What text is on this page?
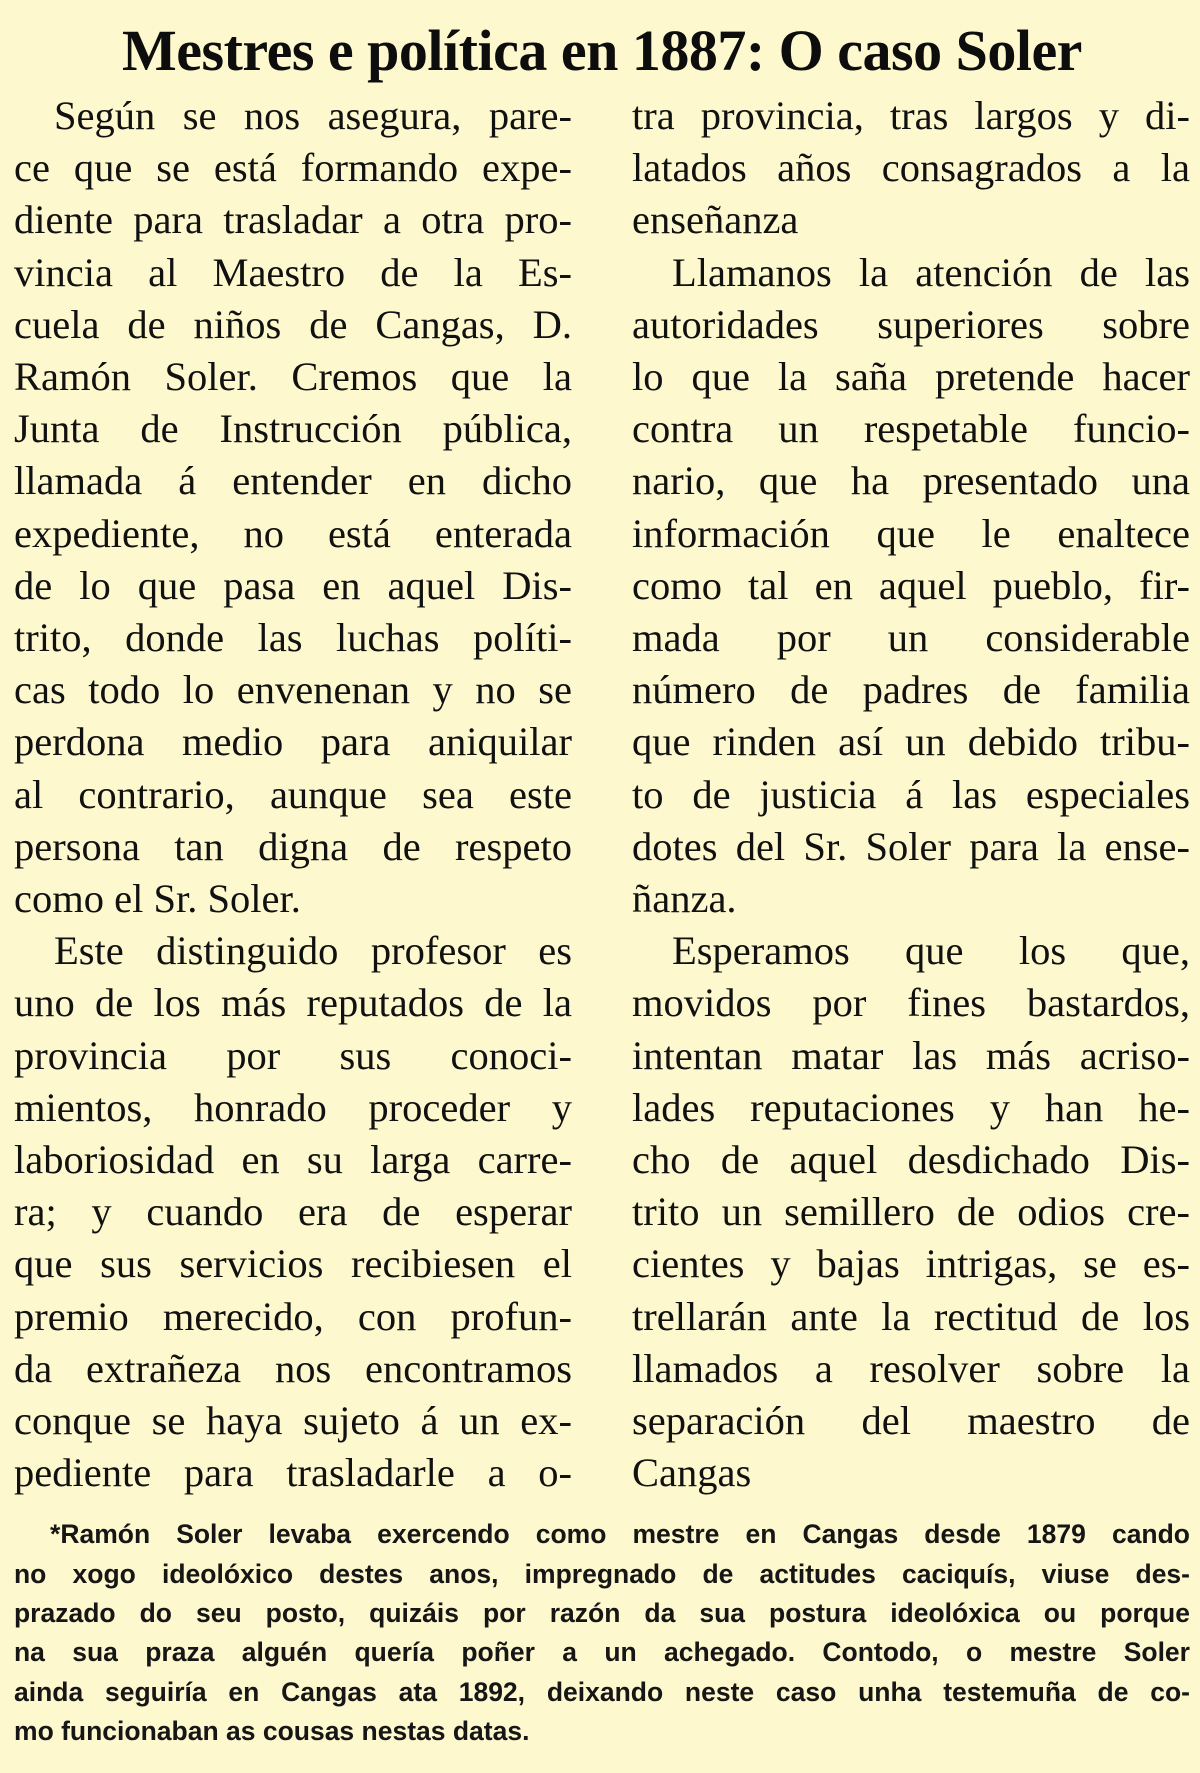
Mestres e política en 1887: O caso Soler
Según se nos asegura, pare-
ce que se está formando expe-
diente para trasladar a otra pro-
vincia al Maestro de la Es-
cuela de niños de Cangas, D.
Ramón Soler. Cremos que la
Junta de Instrucción pública,
llamada á entender en dicho
expediente, no está enterada
de lo que pasa en aquel Dis-
trito, donde las luchas políti-
cas todo lo envenenan y no se
perdona medio para aniquilar
al contrario, aunque sea este
persona tan digna de respeto
como el Sr. Soler.
Este distinguido profesor es
uno de los más reputados de la
provincia por sus conoci-
mientos, honrado proceder y
laboriosidad en su larga carre-
ra; y cuando era de esperar
que sus servicios recibiesen el
premio merecido, con profun-
da extrañeza nos encontramos
conque se haya sujeto á un ex-
pediente para trasladarle a o-
tra provincia, tras largos y di-
latados años consagrados a la
enseñanza
Llamanos la atención de las
autoridades superiores sobre
lo que la saña pretende hacer
contra un respetable funcio-
nario, que ha presentado una
información que le enaltece
como tal en aquel pueblo, fir-
mada por un considerable
número de padres de familia
que rinden así un debido tribu-
to de justicia á las especiales
dotes del Sr. Soler para la ense-
ñanza.
Esperamos que los que,
movidos por fines bastardos,
intentan matar las más acriso-
lades reputaciones y han he-
cho de aquel desdichado Dis-
trito un semillero de odios cre-
cientes y bajas intrigas, se es-
trellarán ante la rectitud de los
llamados a resolver sobre la
separación del maestro de
Cangas
*Ramón Soler levaba exercendo como mestre en Cangas desde 1879 cando
no xogo ideolóxico destes anos, impregnado de actitudes caciquís, viuse des-
prazado do seu posto, quizáis por razón da sua postura ideolóxica ou porque
na sua praza alguén quería poñer a un achegado. Contodo, o mestre Soler
ainda seguiría en Cangas ata 1892, deixando neste caso unha testemuña de co-
mo funcionaban as cousas nestas datas.
